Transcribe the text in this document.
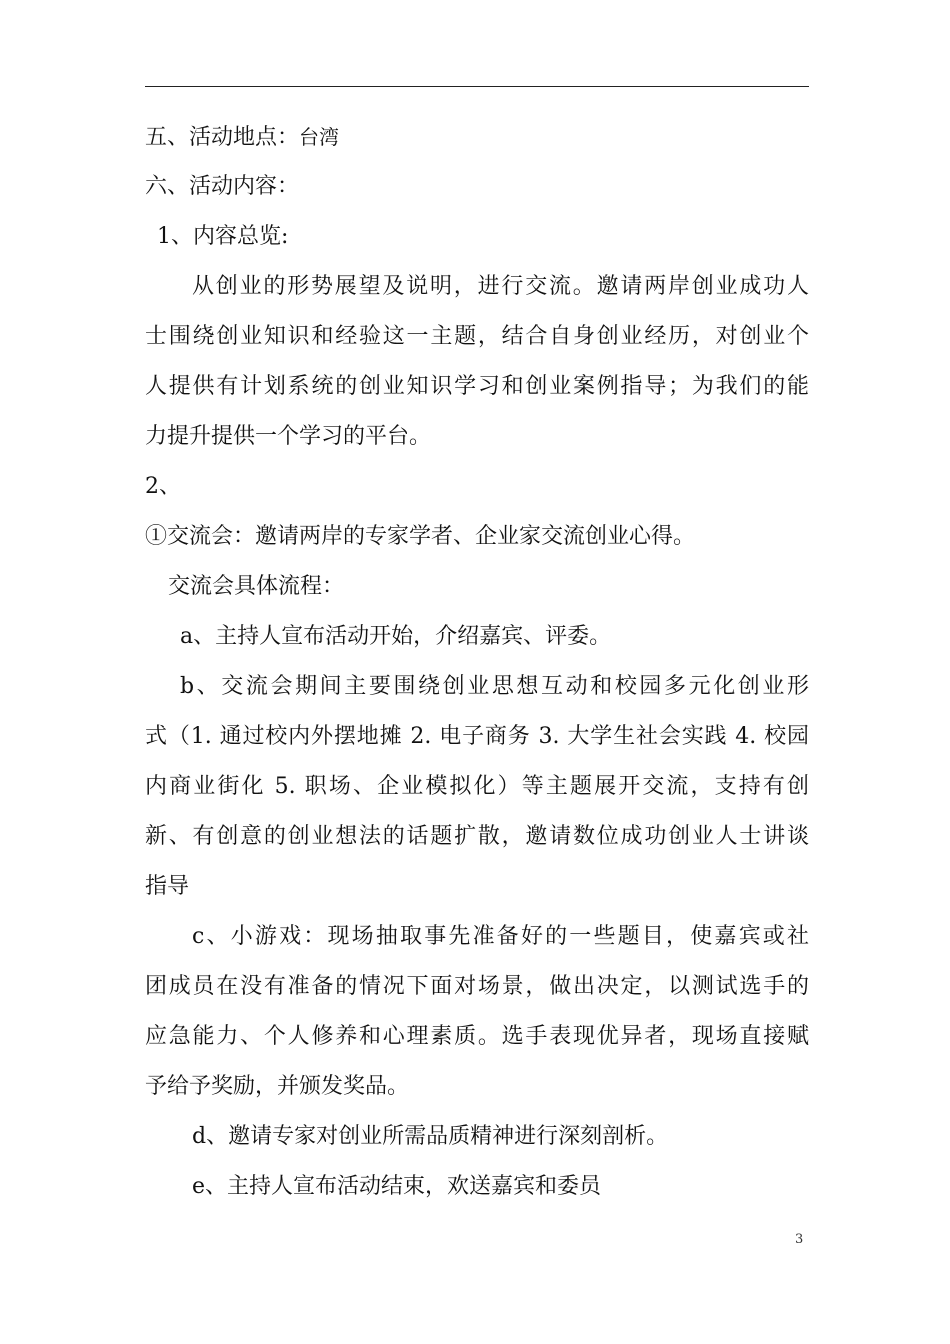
五、活动地点：台湾
六、活动内容：
1、内容总览:
从创业的形势展望及说明，进行交流。邀请两岸创业成功人
士围绕创业知识和经验这一主题，结合自身创业经历，对创业个
人提供有计划系统的创业知识学习和创业案例指导；为我们的能
力提升提供一个学习的平台。
2、
①交流会：邀请两岸的专家学者、企业家交流创业心得。
交流会具体流程：
a、主持人宣布活动开始，介绍嘉宾、评委。
b、交流会期间主要围绕创业思想互动和校园多元化创业形
式（1. 通过校内外摆地摊 2. 电子商务 3. 大学生社会实践 4. 校园
内商业街化 5. 职场、企业模拟化）等主题展开交流，支持有创
新、有创意的创业想法的话题扩散，邀请数位成功创业人士讲谈
指导
c、小游戏：现场抽取事先准备好的一些题目，使嘉宾或社
团成员在没有准备的情况下面对场景，做出决定，以测试选手的
应急能力、个人修养和心理素质。选手表现优异者，现场直接赋
予给予奖励，并颁发奖品。
d、邀请专家对创业所需品质精神进行深刻剖析。
e、主持人宣布活动结束，欢送嘉宾和委员
3
